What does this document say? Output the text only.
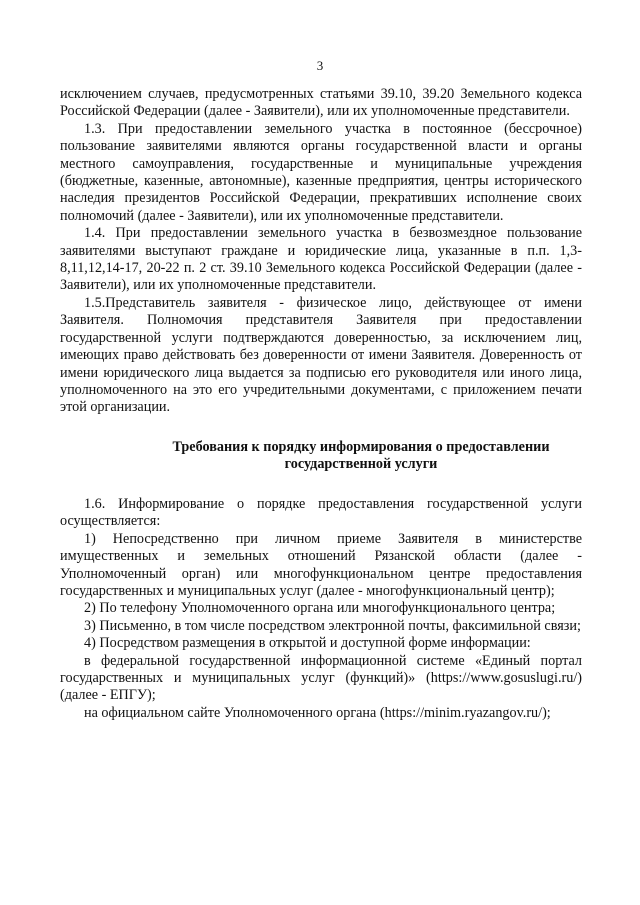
3

исключением случаев, предусмотренных статьями 39.10, 39.20 Земельного кодекса Российской Федерации (далее - Заявители), или их уполномоченные представители.

1.3. При предоставлении земельного участка в постоянное (бессрочное) пользование заявителями являются органы государственной власти и органы местного самоуправления, государственные и муниципальные учреждения (бюджетные, казенные, автономные), казенные предприятия, центры исторического наследия президентов Российской Федерации, прекративших исполнение своих полномочий (далее - Заявители), или их уполномоченные представители.

1.4. При предоставлении земельного участка в безвозмездное пользование заявителями выступают граждане и юридические лица, указанные в п.п. 1,3-8,11,12,14-17, 20-22 п. 2 ст. 39.10 Земельного кодекса Российской Федерации (далее - Заявители), или их уполномоченные представители.

1.5.Представитель заявителя - физическое лицо, действующее от имени Заявителя. Полномочия представителя Заявителя при предоставлении государственной услуги подтверждаются доверенностью, за исключением лиц, имеющих право действовать без доверенности от имени Заявителя. Доверенность от имени юридического лица выдается за подписью его руководителя или иного лица, уполномоченного на это его учредительными документами, с приложением печати этой организации.

Требования к порядку информирования о предоставлении
государственной услуги

1.6. Информирование о порядке предоставления государственной услуги осуществляется:

1) Непосредственно при личном приеме Заявителя в министерстве имущественных и земельных отношений Рязанской области (далее - Уполномоченный орган) или многофункциональном центре предоставления государственных и муниципальных услуг (далее - многофункциональный центр);

2) По телефону Уполномоченного органа или многофункционального центра;

3) Письменно, в том числе посредством электронной почты, факсимильной связи;

4) Посредством размещения в открытой и доступной форме информации:

в федеральной государственной информационной системе «Единый портал государственных и муниципальных услуг (функций)» (https://www.gosuslugi.ru/) (далее - ЕПГУ);

на официальном сайте Уполномоченного органа (https://minim.ryazangov.ru/);
